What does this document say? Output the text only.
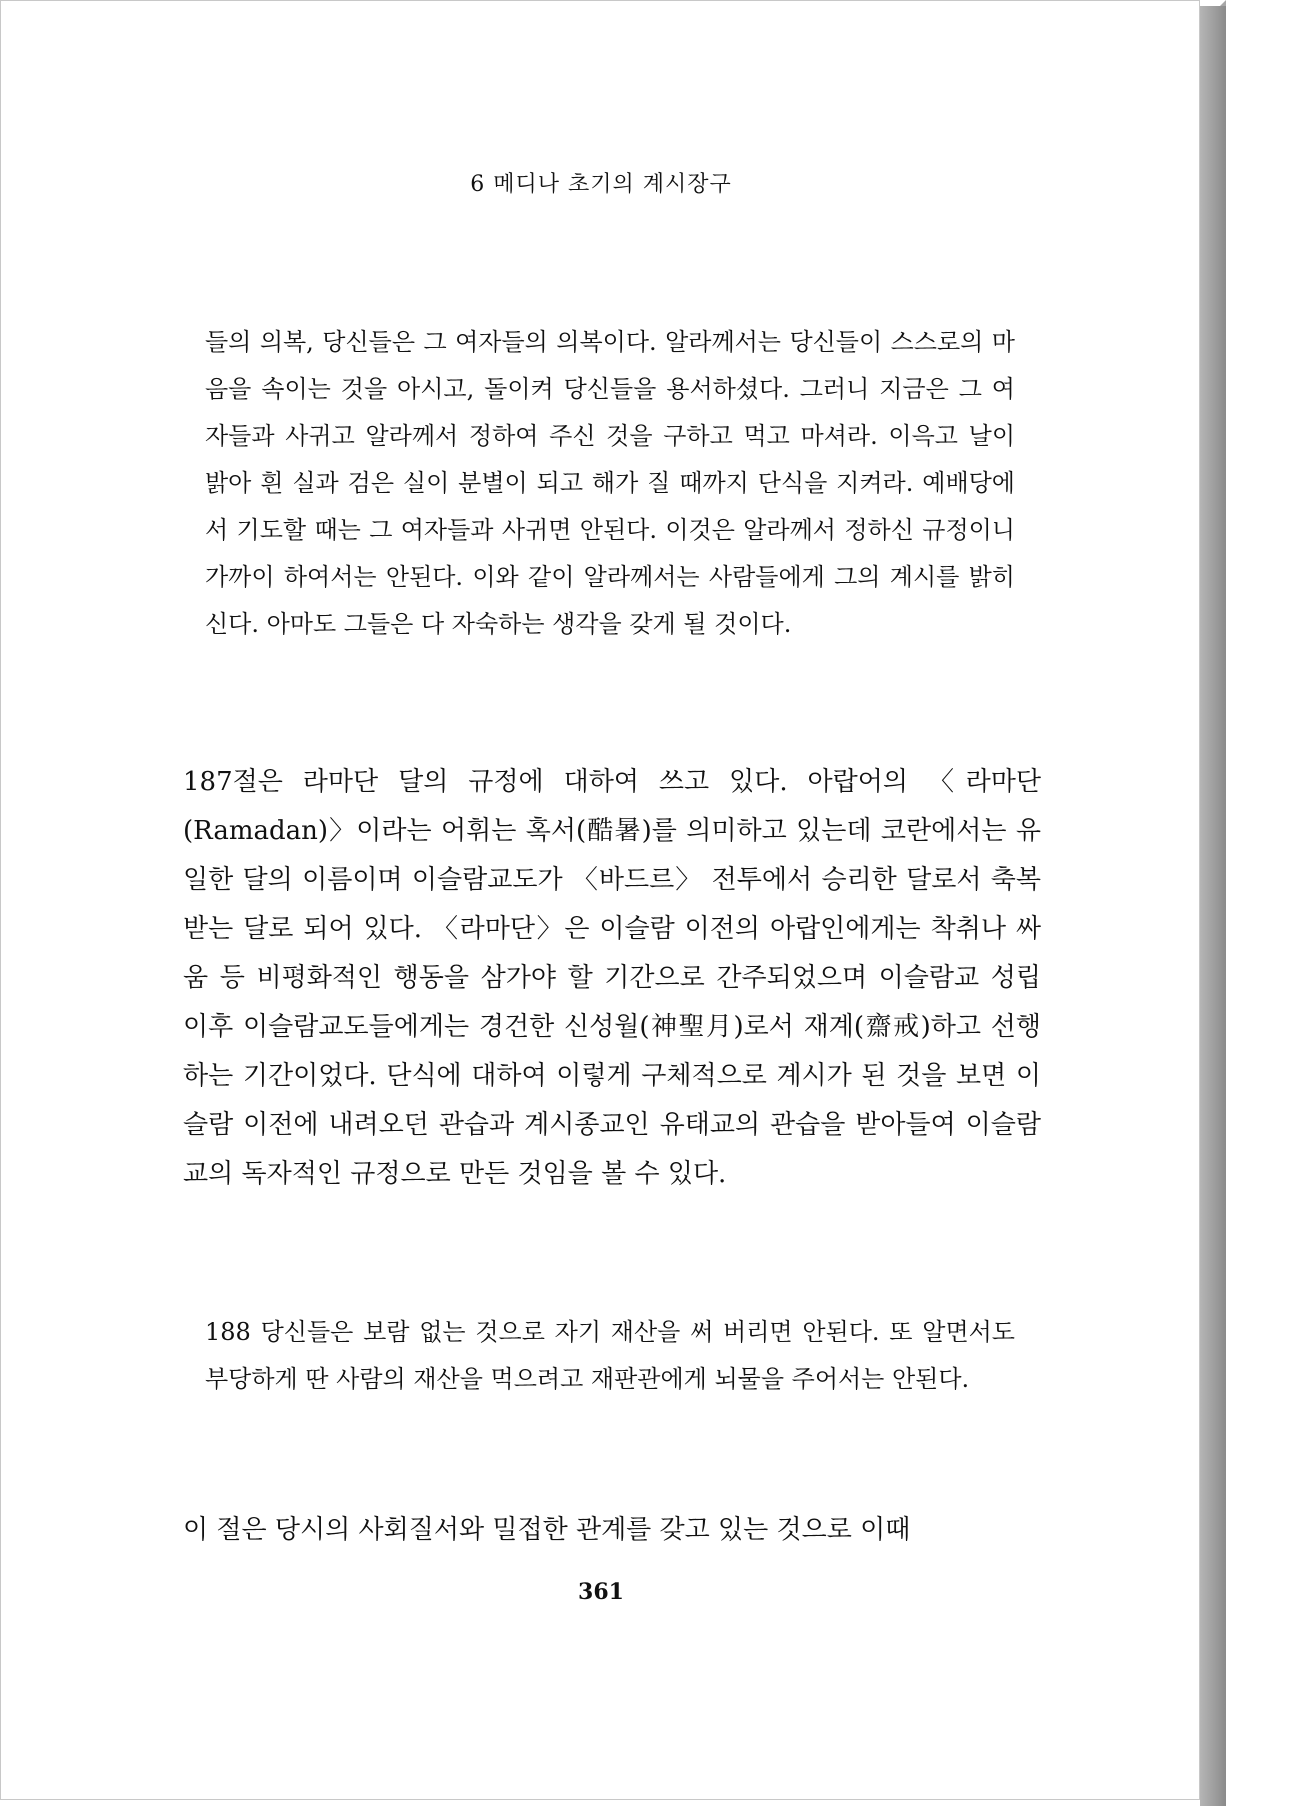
6 메디나 초기의 계시장구

들의 의복, 당신들은 그 여자들의 의복이다. 알라께서는 당신들이 스스로의 마음을 속이는 것을 아시고, 돌이켜 당신들을 용서하셨다. 그러니 지금은 그 여자들과 사귀고 알라께서 정하여 주신 것을 구하고 먹고 마셔라. 이윽고 날이 밝아 흰 실과 검은 실이 분별이 되고 해가 질 때까지 단식을 지켜라. 예배당에서 기도할 때는 그 여자들과 사귀면 안된다. 이것은 알라께서 정하신 규정이니 가까이 하여서는 안된다. 이와 같이 알라께서는 사람들에게 그의 계시를 밝히신다. 아마도 그들은 다 자숙하는 생각을 갖게 될 것이다.

187절은 라마단 달의 규정에 대하여 쓰고 있다. 아랍어의 〈라마단(Ramadan)〉이라는 어휘는 혹서(酷暑)를 의미하고 있는데 코란에서는 유일한 달의 이름이며 이슬람교도가 〈바드르〉 전투에서 승리한 달로서 축복받는 달로 되어 있다. 〈라마단〉은 이슬람 이전의 아랍인에게는 착취나 싸움 등 비평화적인 행동을 삼가야 할 기간으로 간주되었으며 이슬람교 성립 이후 이슬람교도들에게는 경건한 신성월(神聖月)로서 재계(齋戒)하고 선행하는 기간이었다. 단식에 대하여 이렇게 구체적으로 계시가 된 것을 보면 이슬람 이전에 내려오던 관습과 계시종교인 유태교의 관습을 받아들여 이슬람교의 독자적인 규정으로 만든 것임을 볼 수 있다.

188 당신들은 보람 없는 것으로 자기 재산을 써 버리면 안된다. 또 알면서도 부당하게 딴 사람의 재산을 먹으려고 재판관에게 뇌물을 주어서는 안된다.

이 절은 당시의 사회질서와 밀접한 관계를 갖고 있는 것으로 이때

361
